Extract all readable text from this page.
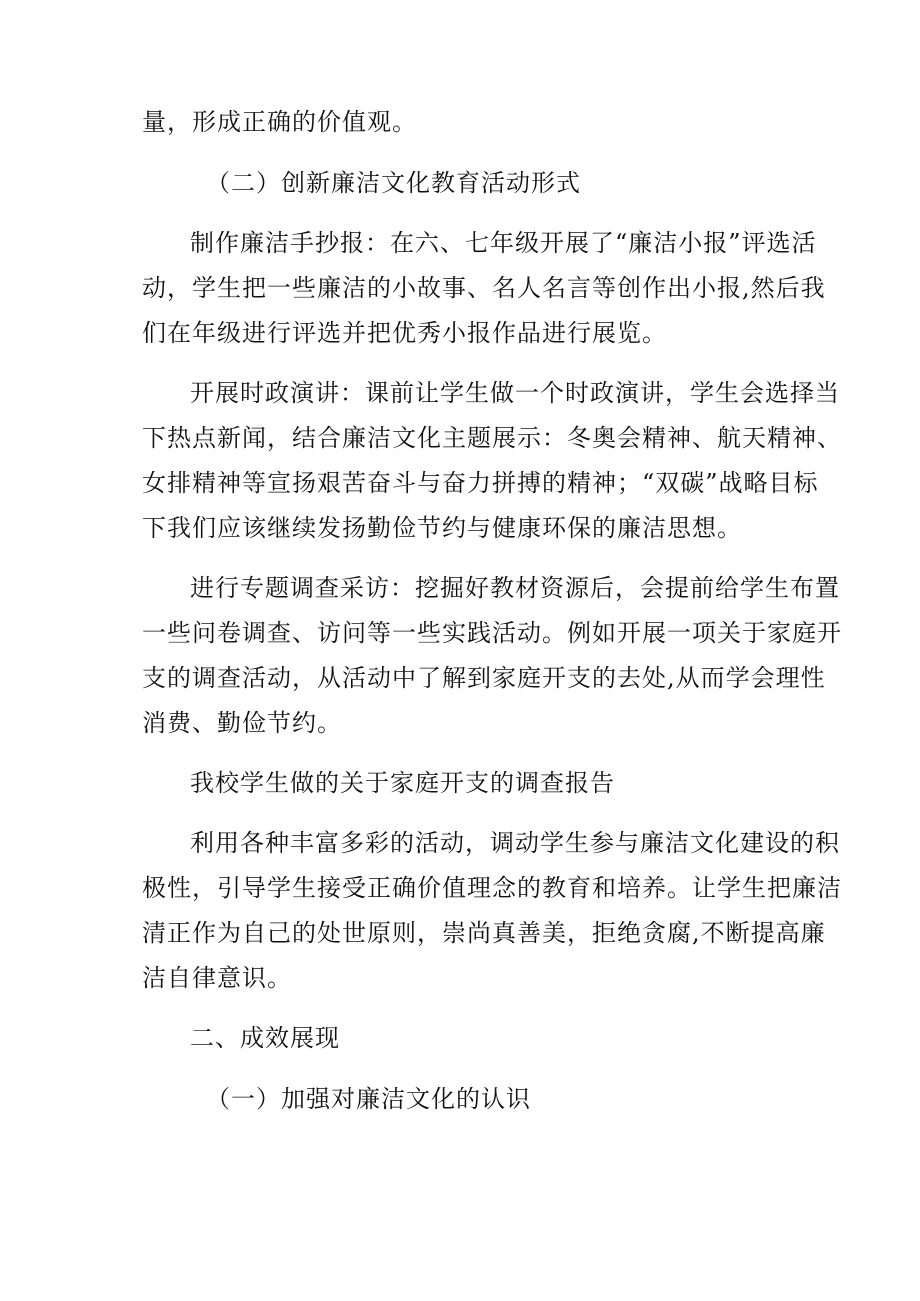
量，形成正确的价值观。
（二）创新廉洁文化教育活动形式
制作廉洁手抄报：在六、七年级开展了“廉洁小报”评选活
动，学生把一些廉洁的小故事、名人名言等创作出小报,然后我
们在年级进行评选并把优秀小报作品进行展览。
开展时政演讲：课前让学生做一个时政演讲，学生会选择当
下热点新闻，结合廉洁文化主题展示：冬奥会精神、航天精神、
女排精神等宣扬艰苦奋斗与奋力拼搏的精神；“双碳”战略目标
下我们应该继续发扬勤俭节约与健康环保的廉洁思想。
进行专题调查采访：挖掘好教材资源后，会提前给学生布置
一些问卷调查、访问等一些实践活动。例如开展一项关于家庭开
支的调查活动，从活动中了解到家庭开支的去处,从而学会理性
消费、勤俭节约。
我校学生做的关于家庭开支的调查报告
利用各种丰富多彩的活动，调动学生参与廉洁文化建设的积
极性，引导学生接受正确价值理念的教育和培养。让学生把廉洁
清正作为自己的处世原则，崇尚真善美，拒绝贪腐,不断提高廉
洁自律意识。
二、成效展现
（一）加强对廉洁文化的认识
